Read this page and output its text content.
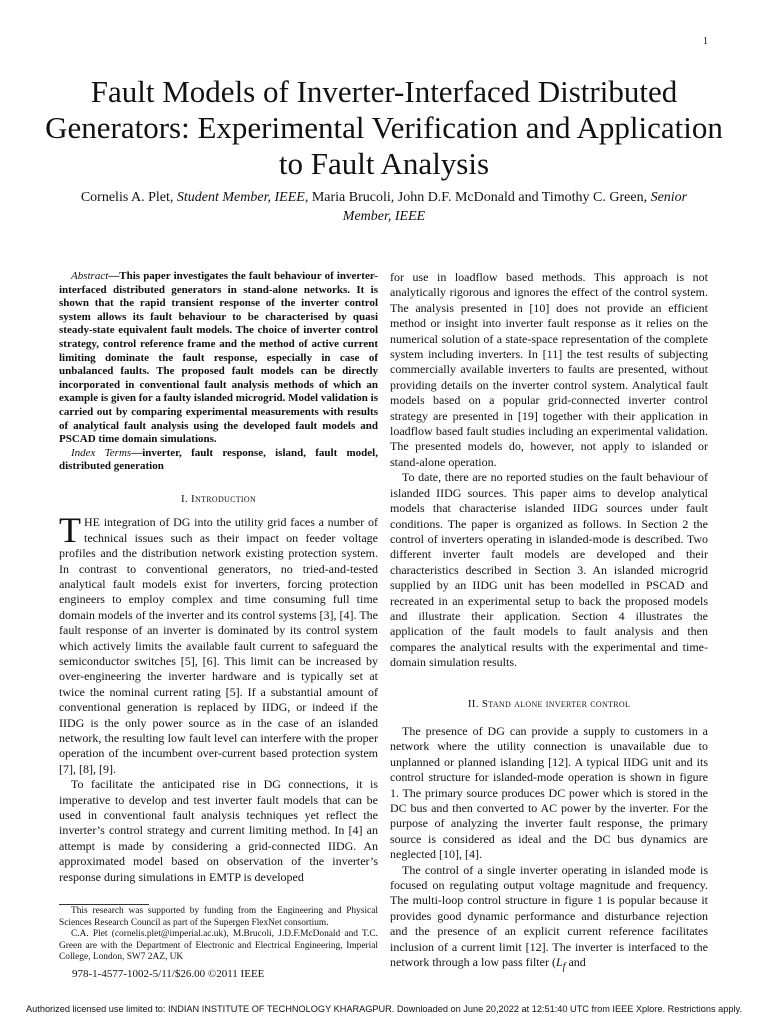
1
Fault Models of Inverter-Interfaced Distributed Generators: Experimental Verification and Application to Fault Analysis
Cornelis A. Plet, Student Member, IEEE, Maria Brucoli, John D.F. McDonald and Timothy C. Green, Senior Member, IEEE

Abstract—This paper investigates the fault behaviour of inverter-interfaced distributed generators in stand-alone networks. It is shown that the rapid transient response of the inverter control system allows its fault behaviour to be characterised by quasi steady-state equivalent fault models. The choice of inverter control strategy, control reference frame and the method of active current limiting dominate the fault response, especially in case of unbalanced faults. The proposed fault models can be directly incorporated in conventional fault analysis methods of which an example is given for a faulty islanded microgrid. Model validation is carried out by comparing experimental measurements with results of analytical fault analysis using the developed fault models and PSCAD time domain simulations.

Index Terms—inverter, fault response, island, fault model, distributed generation

I. Introduction

THE integration of DG into the utility grid faces a number of technical issues such as their impact on feeder voltage profiles and the distribution network existing protection system. In contrast to conventional generators, no tried-and-tested analytical fault models exist for inverters, forcing protection engineers to employ complex and time consuming full time domain models of the inverter and its control systems [3], [4]. The fault response of an inverter is dominated by its control system which actively limits the available fault current to safeguard the semiconductor switches [5], [6]. This limit can be increased by over-engineering the inverter hardware and is typically set at twice the nominal current rating [5]. If a substantial amount of conventional generation is replaced by IIDG, or indeed if the IIDG is the only power source as in the case of an islanded network, the resulting low fault level can interfere with the proper operation of the incumbent over-current based protection system [7], [8], [9].

To facilitate the anticipated rise in DG connections, it is imperative to develop and test inverter fault models that can be used in conventional fault analysis techniques yet reflect the inverter’s control strategy and current limiting method. In [4] an attempt is made by considering a grid-connected IIDG. An approximated model based on observation of the inverter’s response during simulations in EMTP is developed

for use in loadflow based methods. This approach is not analytically rigorous and ignores the effect of the control system. The analysis presented in [10] does not provide an efficient method or insight into inverter fault response as it relies on the numerical solution of a state-space representation of the complete system including inverters. In [11] the test results of subjecting commercially available inverters to faults are presented, without providing details on the inverter control system. Analytical fault models based on a popular grid-connected inverter control strategy are presented in [19] together with their application in loadflow based fault studies including an experimental validation. The presented models do, however, not apply to islanded or stand-alone operation.

To date, there are no reported studies on the fault behaviour of islanded IIDG sources. This paper aims to develop analytical models that characterise islanded IIDG sources under fault conditions. The paper is organized as follows. In Section 2 the control of inverters operating in islanded-mode is described. Two different inverter fault models are developed and their characteristics described in Section 3. An islanded microgrid supplied by an IIDG unit has been modelled in PSCAD and recreated in an experimental setup to back the proposed models and illustrate their application. Section 4 illustrates the application of the fault models to fault analysis and then compares the analytical results with the experimental and time-domain simulation results.

II. Stand alone inverter control

The presence of DG can provide a supply to customers in a network where the utility connection is unavailable due to unplanned or planned islanding [12]. A typical IIDG unit and its control structure for islanded-mode operation is shown in figure 1. The primary source produces DC power which is stored in the DC bus and then converted to AC power by the inverter. For the purpose of analyzing the inverter fault response, the primary source is considered as ideal and the DC bus dynamics are neglected [10], [4].

The control of a single inverter operating in islanded mode is focused on regulating output voltage magnitude and frequency. The multi-loop control structure in figure 1 is popular because it provides good dynamic performance and disturbance rejection and the presence of an explicit current reference facilitates inclusion of a current limit [12]. The inverter is interfaced to the network through a low pass filter ($L_f$ and

This research was supported by funding from the Engineering and Physical Sciences Research Council as part of the Supergen FlexNet consortium.

C.A. Plet (cornelis.plet@imperial.ac.uk), M.Brucoli, J.D.F.McDonald and T.C. Green are with the Department of Electronic and Electrical Engineering, Imperial College, London, SW7 2AZ, UK

978-1-4577-1002-5/11/$26.00 ©2011 IEEE
Authorized licensed use limited to: INDIAN INSTITUTE OF TECHNOLOGY KHARAGPUR. Downloaded on June 20,2022 at 12:51:40 UTC from IEEE Xplore. Restrictions apply.
